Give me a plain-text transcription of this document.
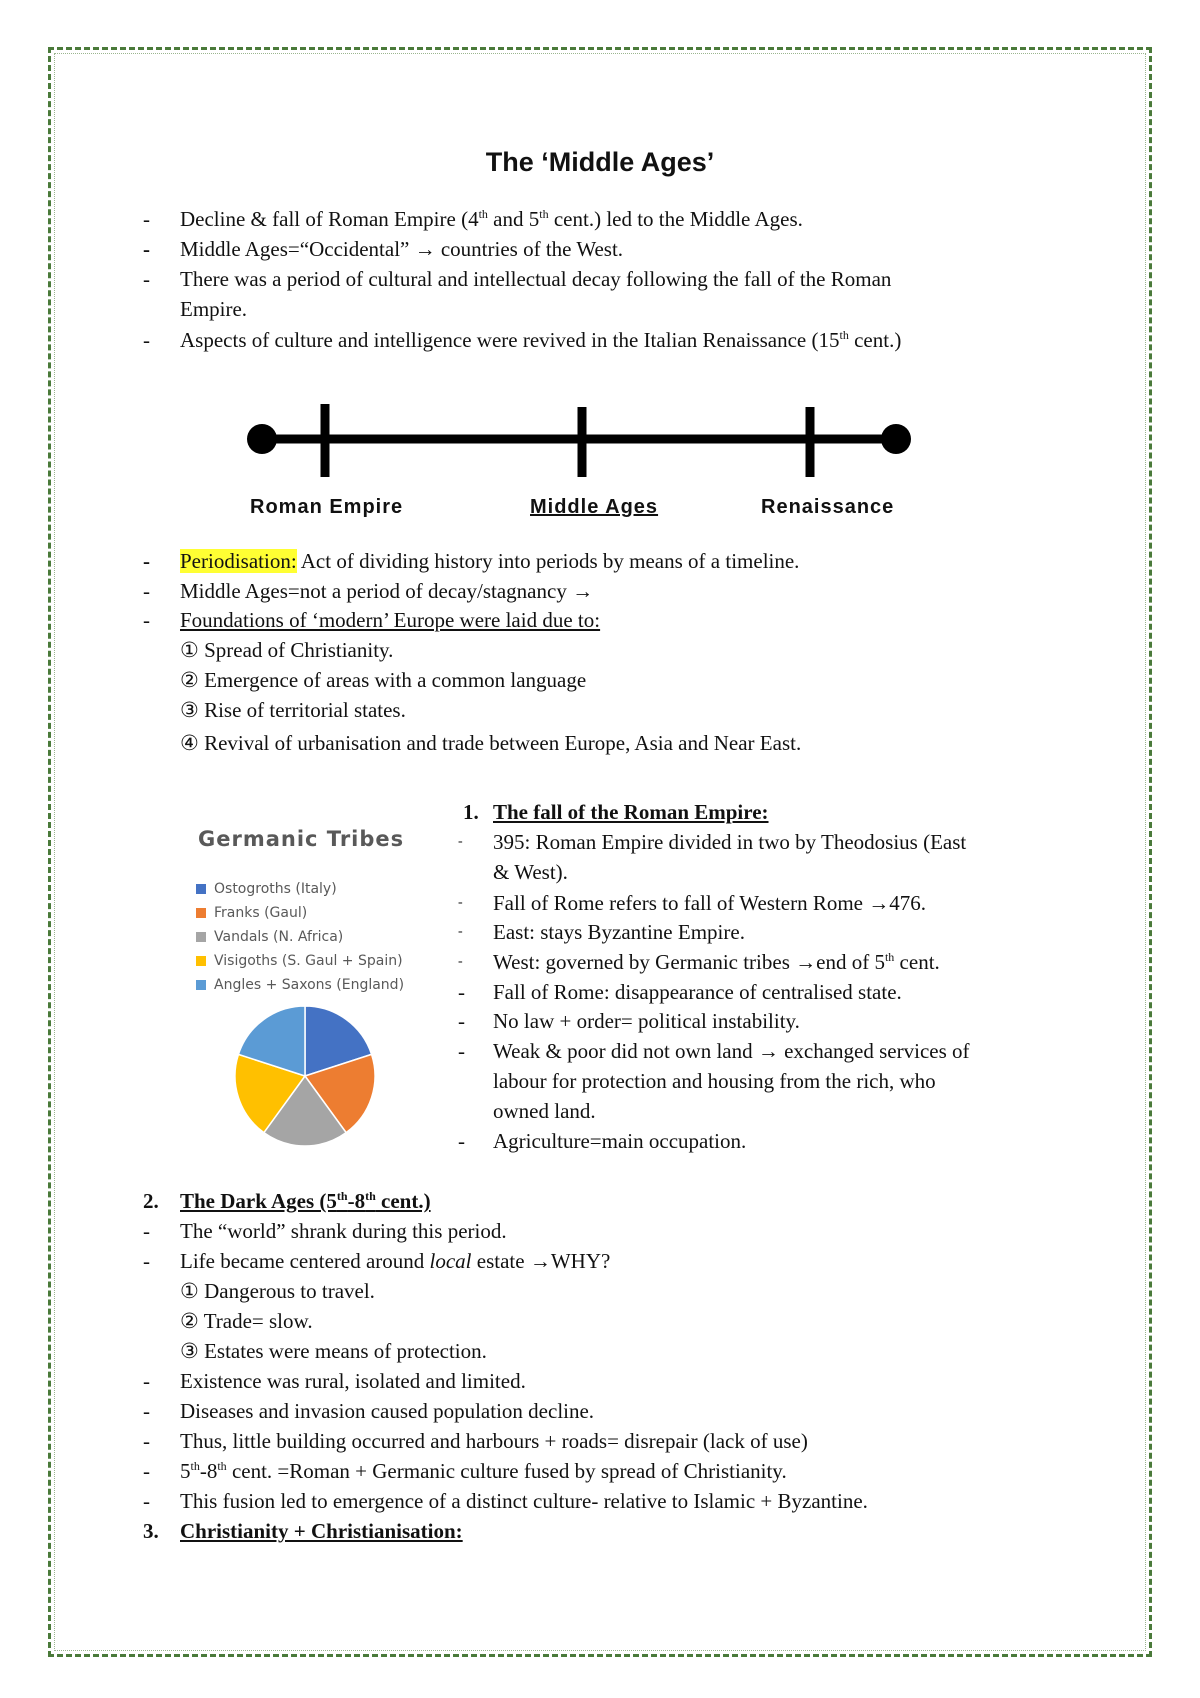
The ‘Middle Ages’
- Decline & fall of Roman Empire (4th and 5th cent.) led to the Middle Ages.
- Middle Ages=“Occidental” → countries of the West.
- There was a period of cultural and intellectual decay following the fall of the Roman
Empire.
- Aspects of culture and intelligence were revived in the Italian Renaissance (15th cent.)
Roman Empire	Middle Ages	Renaissance
- Periodisation: Act of dividing history into periods by means of a timeline.
- Middle Ages=not a period of decay/stagnancy →
- Foundations of ‘modern’ Europe were laid due to:
① Spread of Christianity.
② Emergence of areas with a common language
③ Rise of territorial states.
④ Revival of urbanisation and trade between Europe, Asia and Near East.
Germanic Tribes
Ostogroths (Italy)
Franks (Gaul)
Vandals (N. Africa)
Visigoths (S. Gaul + Spain)
Angles + Saxons (England)
1. The fall of the Roman Empire:
- 395: Roman Empire divided in two by Theodosius (East
& West).
- Fall of Rome refers to fall of Western Rome →476.
- East: stays Byzantine Empire.
- West: governed by Germanic tribes →end of 5th cent.
- Fall of Rome: disappearance of centralised state.
- No law + order= political instability.
- Weak & poor did not own land → exchanged services of
labour for protection and housing from the rich, who
owned land.
- Agriculture=main occupation.
2. The Dark Ages (5th-8th cent.)
- The “world” shrank during this period.
- Life became centered around local estate →WHY?
① Dangerous to travel.
② Trade= slow.
③ Estates were means of protection.
- Existence was rural, isolated and limited.
- Diseases and invasion caused population decline.
- Thus, little building occurred and harbours + roads= disrepair (lack of use)
- 5th-8th cent. =Roman + Germanic culture fused by spread of Christianity.
- This fusion led to emergence of a distinct culture- relative to Islamic + Byzantine.
3. Christianity + Christianisation:
